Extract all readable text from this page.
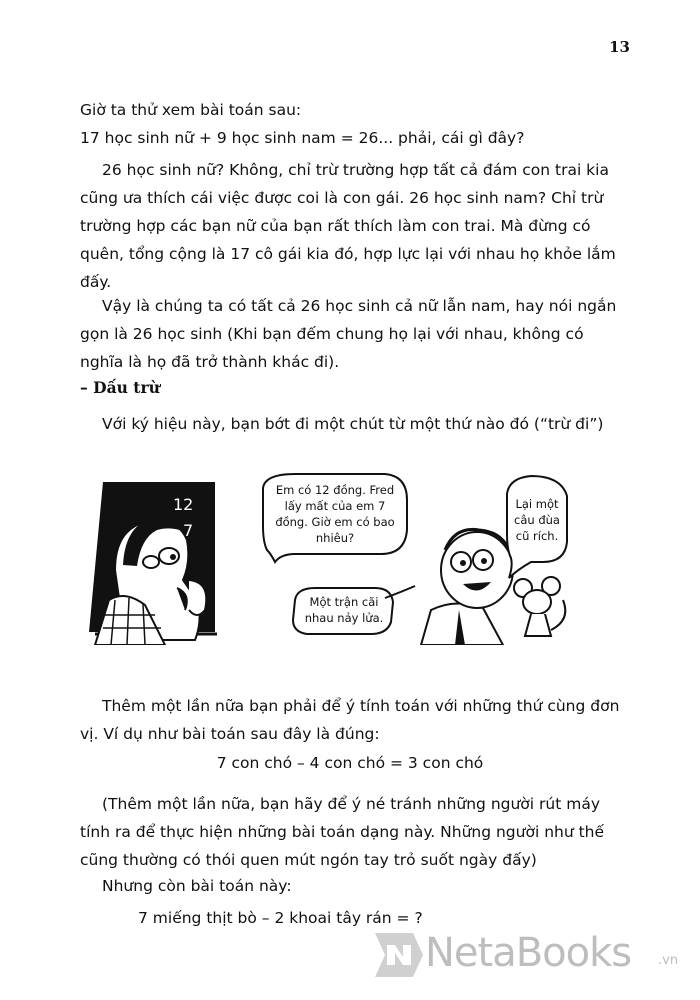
13

Giờ ta thử xem bài toán sau:

17 học sinh nữ + 9 học sinh nam = 26... phải, cái gì đây?

26 học sinh nữ? Không, chỉ trừ trường hợp tất cả đám con trai kia cũng ưa thích cái việc được coi là con gái. 26 học sinh nam? Chỉ trừ trường hợp các bạn nữ của bạn rất thích làm con trai. Mà đừng có quên, tổng cộng là 17 cô gái kia đó, hợp lực lại với nhau họ khỏe lắm đấy.

Vậy là chúng ta có tất cả 26 học sinh cả nữ lẫn nam, hay nói ngắn gọn là 26 học sinh (Khi bạn đếm chung họ lại với nhau, không có nghĩa là họ đã trở thành khác đi).

– Dấu trừ

Với ký hiệu này, bạn bớt đi một chút từ một thứ nào đó (“trừ đi”)

12
7
Em có 12 đồng. Fred lấy mất của em 7 đồng. Giờ em có bao nhiêu?
Một trận cãi nhau nảy lửa.
Lại một câu đùa cũ rích.

Thêm một lần nữa bạn phải để ý tính toán với những thứ cùng đơn vị. Ví dụ như bài toán sau đây là đúng:

7 con chó – 4 con chó = 3 con chó

(Thêm một lần nữa, bạn hãy để ý né tránh những người rút máy tính ra để thực hiện những bài toán dạng này. Những người như thế cũng thường có thói quen mút ngón tay trỏ suốt ngày đấy)

Nhưng còn bài toán này:

7 miếng thịt bò – 2 khoai tây rán = ?
NetaBooks .vn
